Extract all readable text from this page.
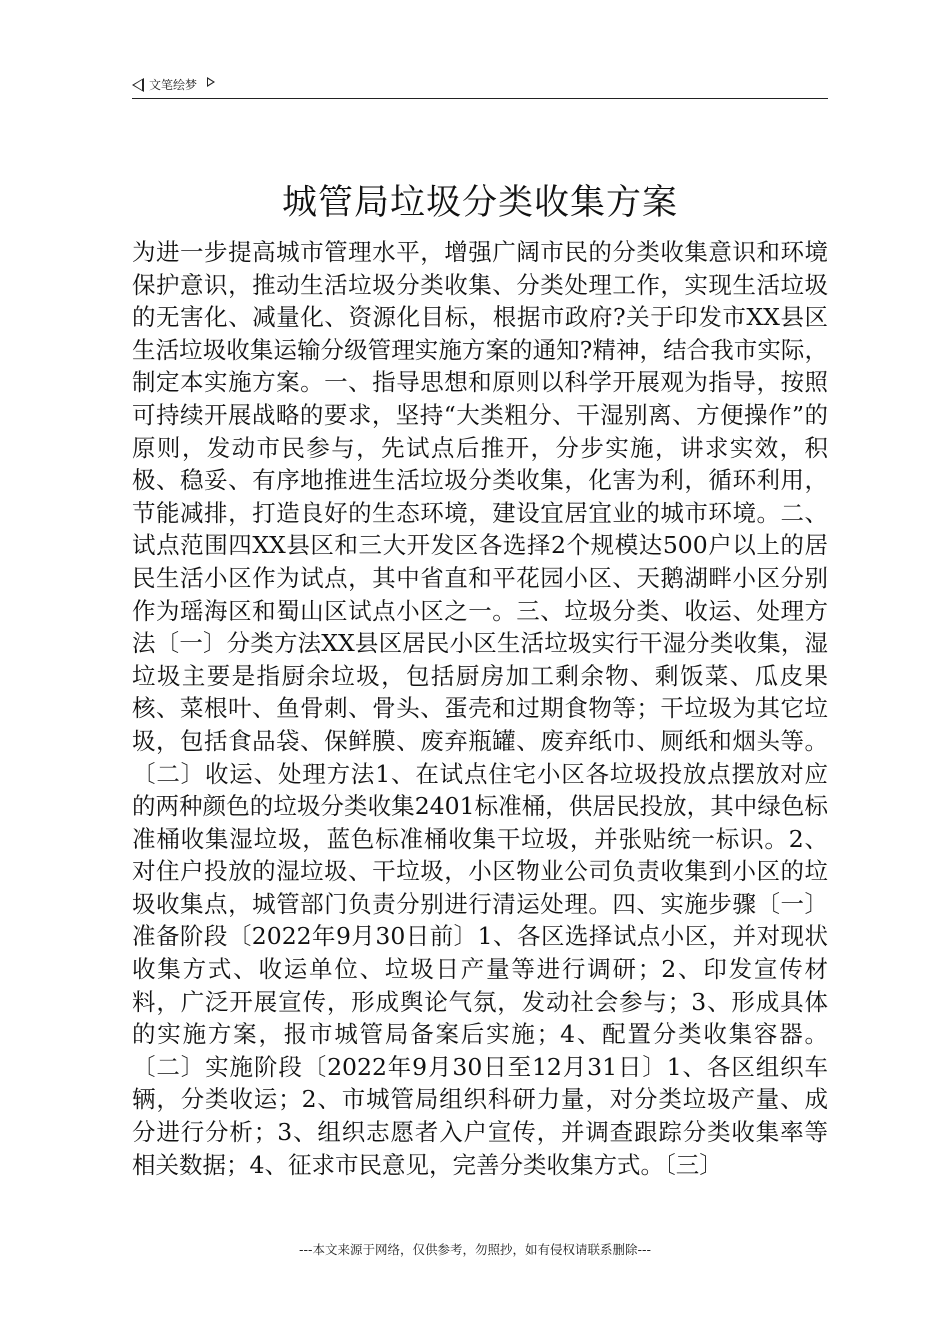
文笔绘梦
城管局垃圾分类收集方案

为进一步提高城市管理水平，增强广阔市民的分类收集意识和环境保护意识，推动生活垃圾分类收集、分类处理工作，实现生活垃圾的无害化、减量化、资源化目标，根据市政府?关于印发市XX县区生活垃圾收集运输分级管理实施方案的通知?精神，结合我市实际，制定本实施方案。一、指导思想和原则以科学开展观为指导，按照可持续开展战略的要求，坚持“大类粗分、干湿别离、方便操作”的原则，发动市民参与，先试点后推开，分步实施，讲求实效，积极、稳妥、有序地推进生活垃圾分类收集，化害为利，循环利用，节能减排，打造良好的生态环境，建设宜居宜业的城市环境。二、试点范围四XX县区和三大开发区各选择2个规模达500户以上的居民生活小区作为试点，其中省直和平花园小区、天鹅湖畔小区分别作为瑶海区和蜀山区试点小区之一。三、垃圾分类、收运、处理方法〔一〕分类方法XX县区居民小区生活垃圾实行干湿分类收集，湿垃圾主要是指厨余垃圾，包括厨房加工剩余物、剩饭菜、瓜皮果核、菜根叶、鱼骨刺、骨头、蛋壳和过期食物等；干垃圾为其它垃圾，包括食品袋、保鲜膜、废弃瓶罐、废弃纸巾、厕纸和烟头等。〔二〕收运、处理方法1、在试点住宅小区各垃圾投放点摆放对应的两种颜色的垃圾分类收集2401标准桶，供居民投放，其中绿色标准桶收集湿垃圾，蓝色标准桶收集干垃圾，并张贴统一标识。2、对住户投放的湿垃圾、干垃圾，小区物业公司负责收集到小区的垃圾收集点，城管部门负责分别进行清运处理。四、实施步骤〔一〕准备阶段〔2022年9月30日前〕1、各区选择试点小区，并对现状收集方式、收运单位、垃圾日产量等进行调研；2、印发宣传材料，广泛开展宣传，形成舆论气氛，发动社会参与；3、形成具体的实施方案，报市城管局备案后实施；4、配置分类收集容器。〔二〕实施阶段〔2022年9月30日至12月31日〕1、各区组织车辆，分类收运；2、市城管局组织科研力量，对分类垃圾产量、成分进行分析；3、组织志愿者入户宣传，并调查跟踪分类收集率等相关数据；4、征求市民意见，完善分类收集方式。〔三〕

---本文来源于网络，仅供参考，勿照抄，如有侵权请联系删除---
